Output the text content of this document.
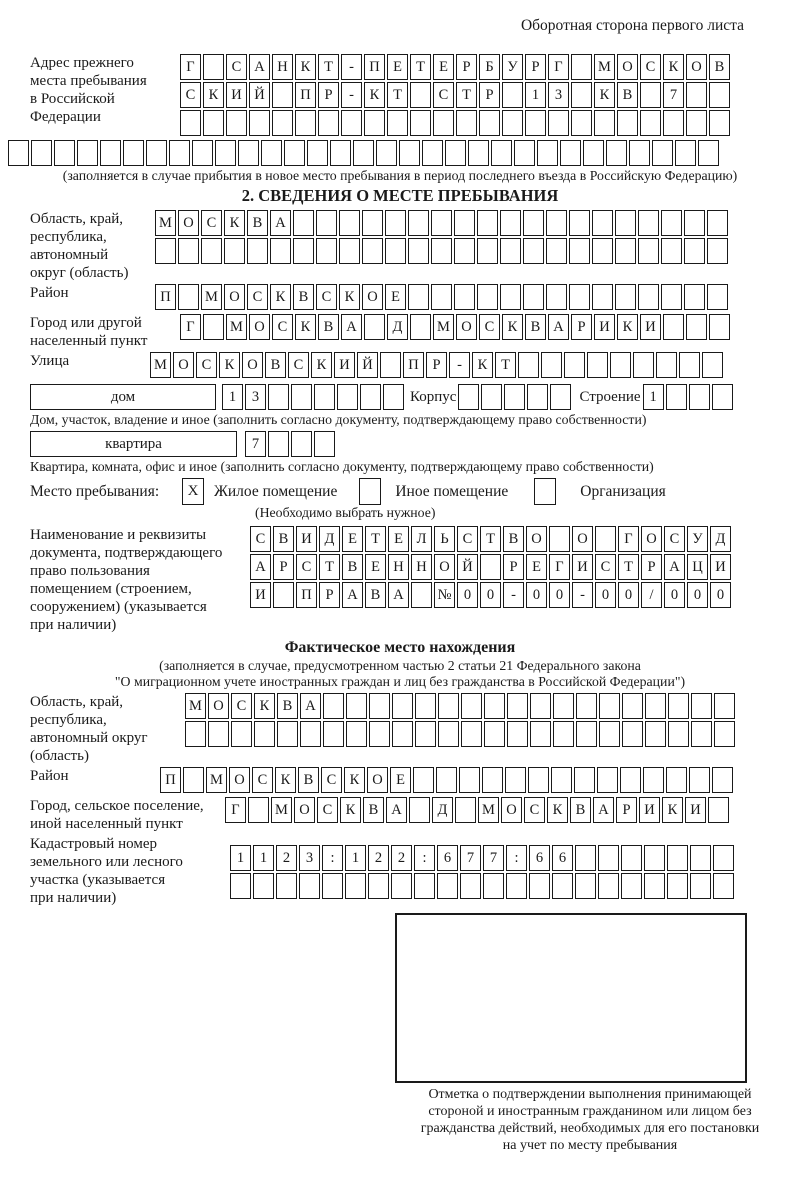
Оборотная сторона первого листа
Адрес прежнего
места пребывания
в Российской
Федерации
Г	С А Н К Т - П Е Т Е Р Б У Р Г М О С К О В
С К И Й П Р - К Т	С Т Р	1 3	К В	7
(заполняется в случае прибытия в новое место пребывания в период последнего въезда в Российскую Федерацию)
2. СВЕДЕНИЯ О МЕСТЕ ПРЕБЫВАНИЯ
Область, край,
республика,
автономный
округ (область)
М О С К В А
Район	П М О С К В С К О Е
Город или другой
населенный пункт
Г М О С К В А Д М О С К В А Р И К И
Улица	М О С К О В С К И Й П Р - К Т
дом	1 3	Корпус	Строение 1
Дом, участок, владение и иное (заполнить согласно документу, подтверждающему право собственности)
квартира	7
Квартира, комната, офис и иное (заполнить согласно документу, подтверждающему право собственности)
Место пребывания:	X	Жилое помещение	Иное помещение	Организация
(Необходимо выбрать нужное)
Наименование и реквизиты
документа, подтверждающего
право пользования
помещением (строением,
сооружением) (указывается
при наличии)
С В И Д Е Т Е Л Ь С Т В О О	Г О С У Д
А Р С Т В Е Н Н О Й	Р Е Г И С Т Р А Ц И
И П Р А В А № 0 0 - 0 0 - 0 0 / 0 0 0
Фактическое место нахождения
(заполняется в случае, предусмотренном частью 2 статьи 21 Федерального закона
"О миграционном учете иностранных граждан и лиц без гражданства в Российской Федерации")
Область, край,
республика,
автономный округ
(область)
М О С К В А
Район	П М О С К В С К О Е
Город, сельское поселение,
иной населенный пункт
Г М О С К В А Д М О С К В А Р И К И
Кадастровый номер
земельного или лесного
участка (указывается
при наличии)
1 1 2 3 : 1 2 2 : 6 7 7 : 6 6
Отметка о подтверждении выполнения принимающей
стороной и иностранным гражданином или лицом без
гражданства действий, необходимых для его постановки
на учет по месту пребывания
